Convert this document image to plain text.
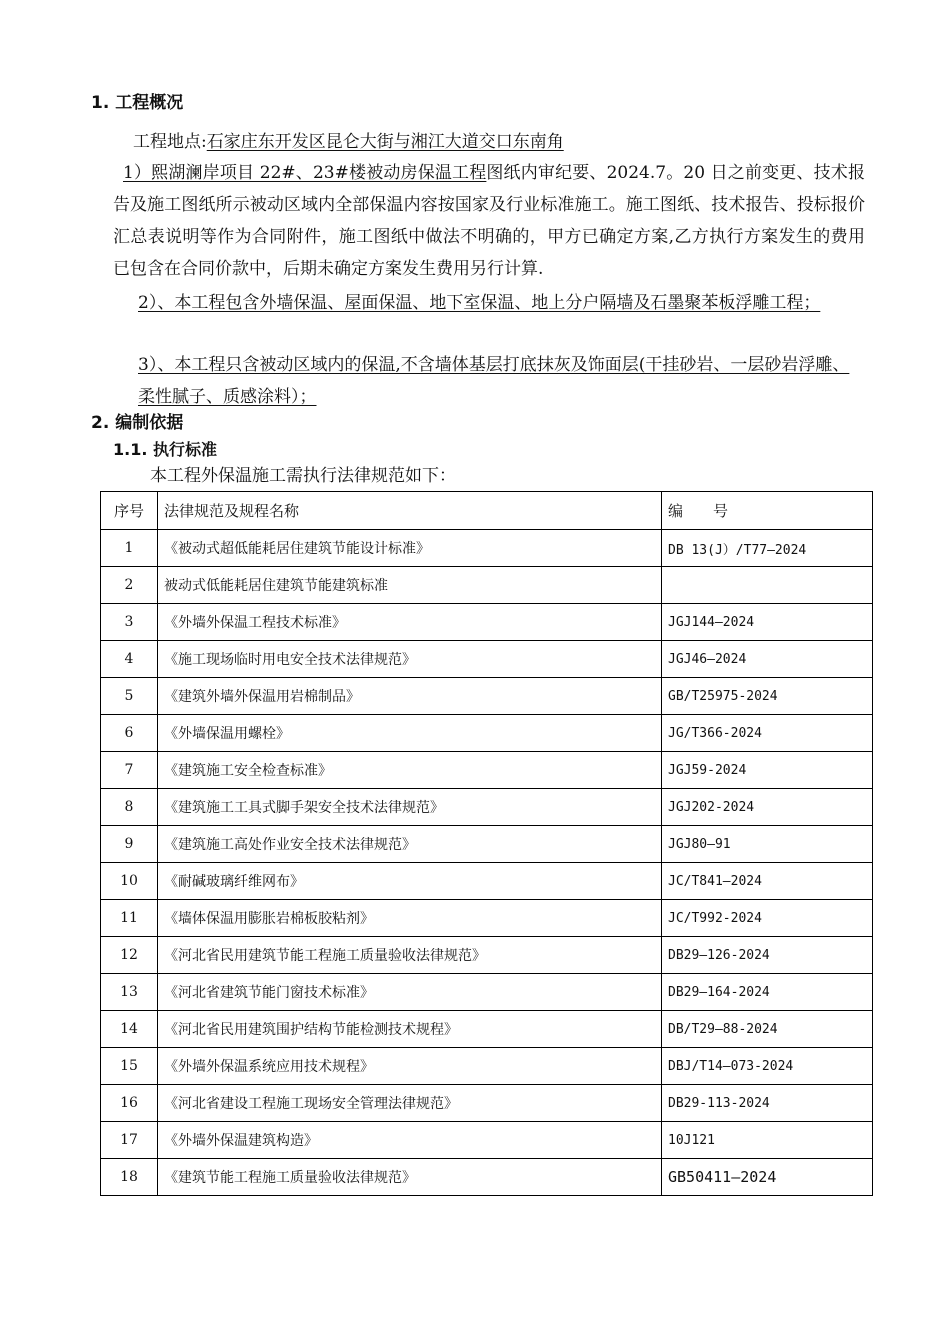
1. 工程概况
工程地点:石家庄东开发区昆仑大街与湘江大道交口东南角
1）熙湖澜岸项目 22#、23#楼被动房保温工程图纸内审纪要、2024.7。20 日之前变更、技术报告及施工图纸所示被动区域内全部保温内容按国家及行业标准施工。施工图纸、技术报告、投标报价汇总表说明等作为合同附件，施工图纸中做法不明确的，甲方已确定方案,乙方执行方案发生的费用已包含在合同价款中，后期未确定方案发生费用另行计算.
2）、本工程包含外墙保温、屋面保温、地下室保温、地上分户隔墙及石墨聚苯板浮雕工程；
3）、本工程只含被动区域内的保温,不含墙体基层打底抹灰及饰面层(干挂砂岩、一层砂岩浮雕、柔性腻子、质感涂料）；
2. 编制依据
1.1. 执行标准
本工程外保温施工需执行法律规范如下：
序号	法律规范及规程名称	编　　号
1	《被动式超低能耗居住建筑节能设计标准》	DB 13(J）/T77—2024
2	被动式低能耗居住建筑节能建筑标准	
3	《外墙外保温工程技术标准》	JGJ144—2024
4	《施工现场临时用电安全技术法律规范》	JGJ46—2024
5	《建筑外墙外保温用岩棉制品》	GB/T25975-2024
6	《外墙保温用螺栓》	JG/T366-2024
7	《建筑施工安全检查标准》	JGJ59-2024
8	《建筑施工工具式脚手架安全技术法律规范》	JGJ202-2024
9	《建筑施工高处作业安全技术法律规范》	JGJ80—91
10	《耐碱玻璃纤维网布》	JC/T841—2024
11	《墙体保温用膨胀岩棉板胶粘剂》	JC/T992-2024
12	《河北省民用建筑节能工程施工质量验收法律规范》	DB29—126-2024
13	《河北省建筑节能门窗技术标准》	DB29—164-2024
14	《河北省民用建筑围护结构节能检测技术规程》	DB/T29—88-2024
15	《外墙外保温系统应用技术规程》	DBJ/T14—073-2024
16	《河北省建设工程施工现场安全管理法律规范》	DB29-113-2024
17	《外墙外保温建筑构造》	10J121
18	《建筑节能工程施工质量验收法律规范》	GB50411—2024
